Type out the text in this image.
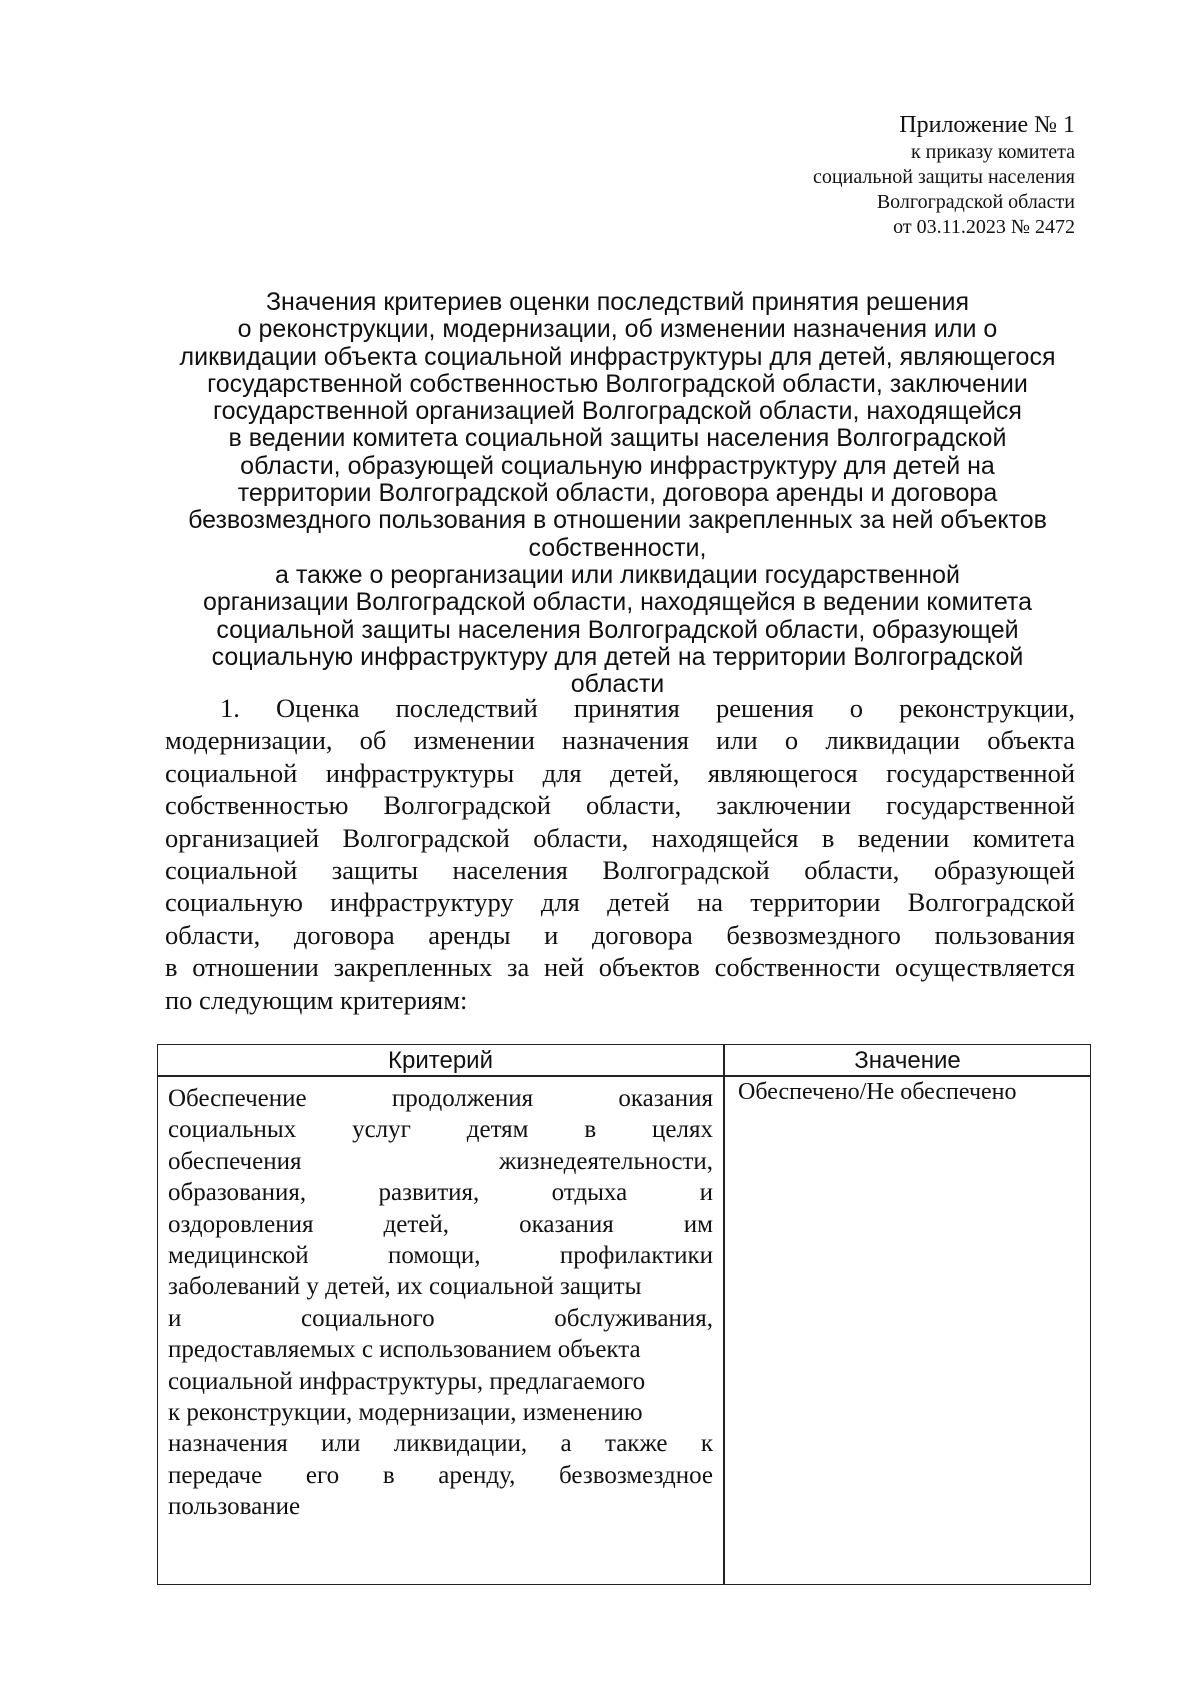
Приложение № 1
к приказу комитета
социальной защиты населения
Волгоградской области
от 03.11.2023 № 2472
Значения критериев оценки последствий принятия решения
о реконструкции, модернизации, об изменении назначения или о
ликвидации объекта социальной инфраструктуры для детей, являющегося
государственной собственностью Волгоградской области, заключении
государственной организацией Волгоградской области, находящейся
в ведении комитета социальной защиты населения Волгоградской
области, образующей социальную инфраструктуру для детей на
территории Волгоградской области, договора аренды и договора
безвозмездного пользования в отношении закрепленных за ней объектов
собственности,
а также о реорганизации или ликвидации государственной
организации Волгоградской области, находящейся в ведении комитета
социальной защиты населения Волгоградской области, образующей
социальную инфраструктуру для детей на территории Волгоградской
области
1. Оценка последствий принятия решения о реконструкции,
модернизации, об изменении назначения или о ликвидации объекта
социальной инфраструктуры для детей, являющегося государственной
собственностью Волгоградской области, заключении государственной
организацией Волгоградской области, находящейся в ведении комитета
социальной защиты населения Волгоградской области, образующей
социальную инфраструктуру для детей на территории Волгоградской
области, договора аренды и договора безвозмездного пользования
в отношении закрепленных за ней объектов собственности осуществляется
по следующим критериям:
Критерий	Значение
Обеспечение продолжения оказания
социальных услуг детям в целях
обеспечения жизнедеятельности,
образования, развития, отдыха и
оздоровления детей, оказания им
медицинской помощи, профилактики
заболеваний у детей, их социальной защиты
и социального обслуживания,
предоставляемых с использованием объекта
социальной инфраструктуры, предлагаемого
к реконструкции, модернизации, изменению
назначения или ликвидации, а также к
передаче его в аренду, безвозмездное
пользование
Обеспечено/Не обеспечено
